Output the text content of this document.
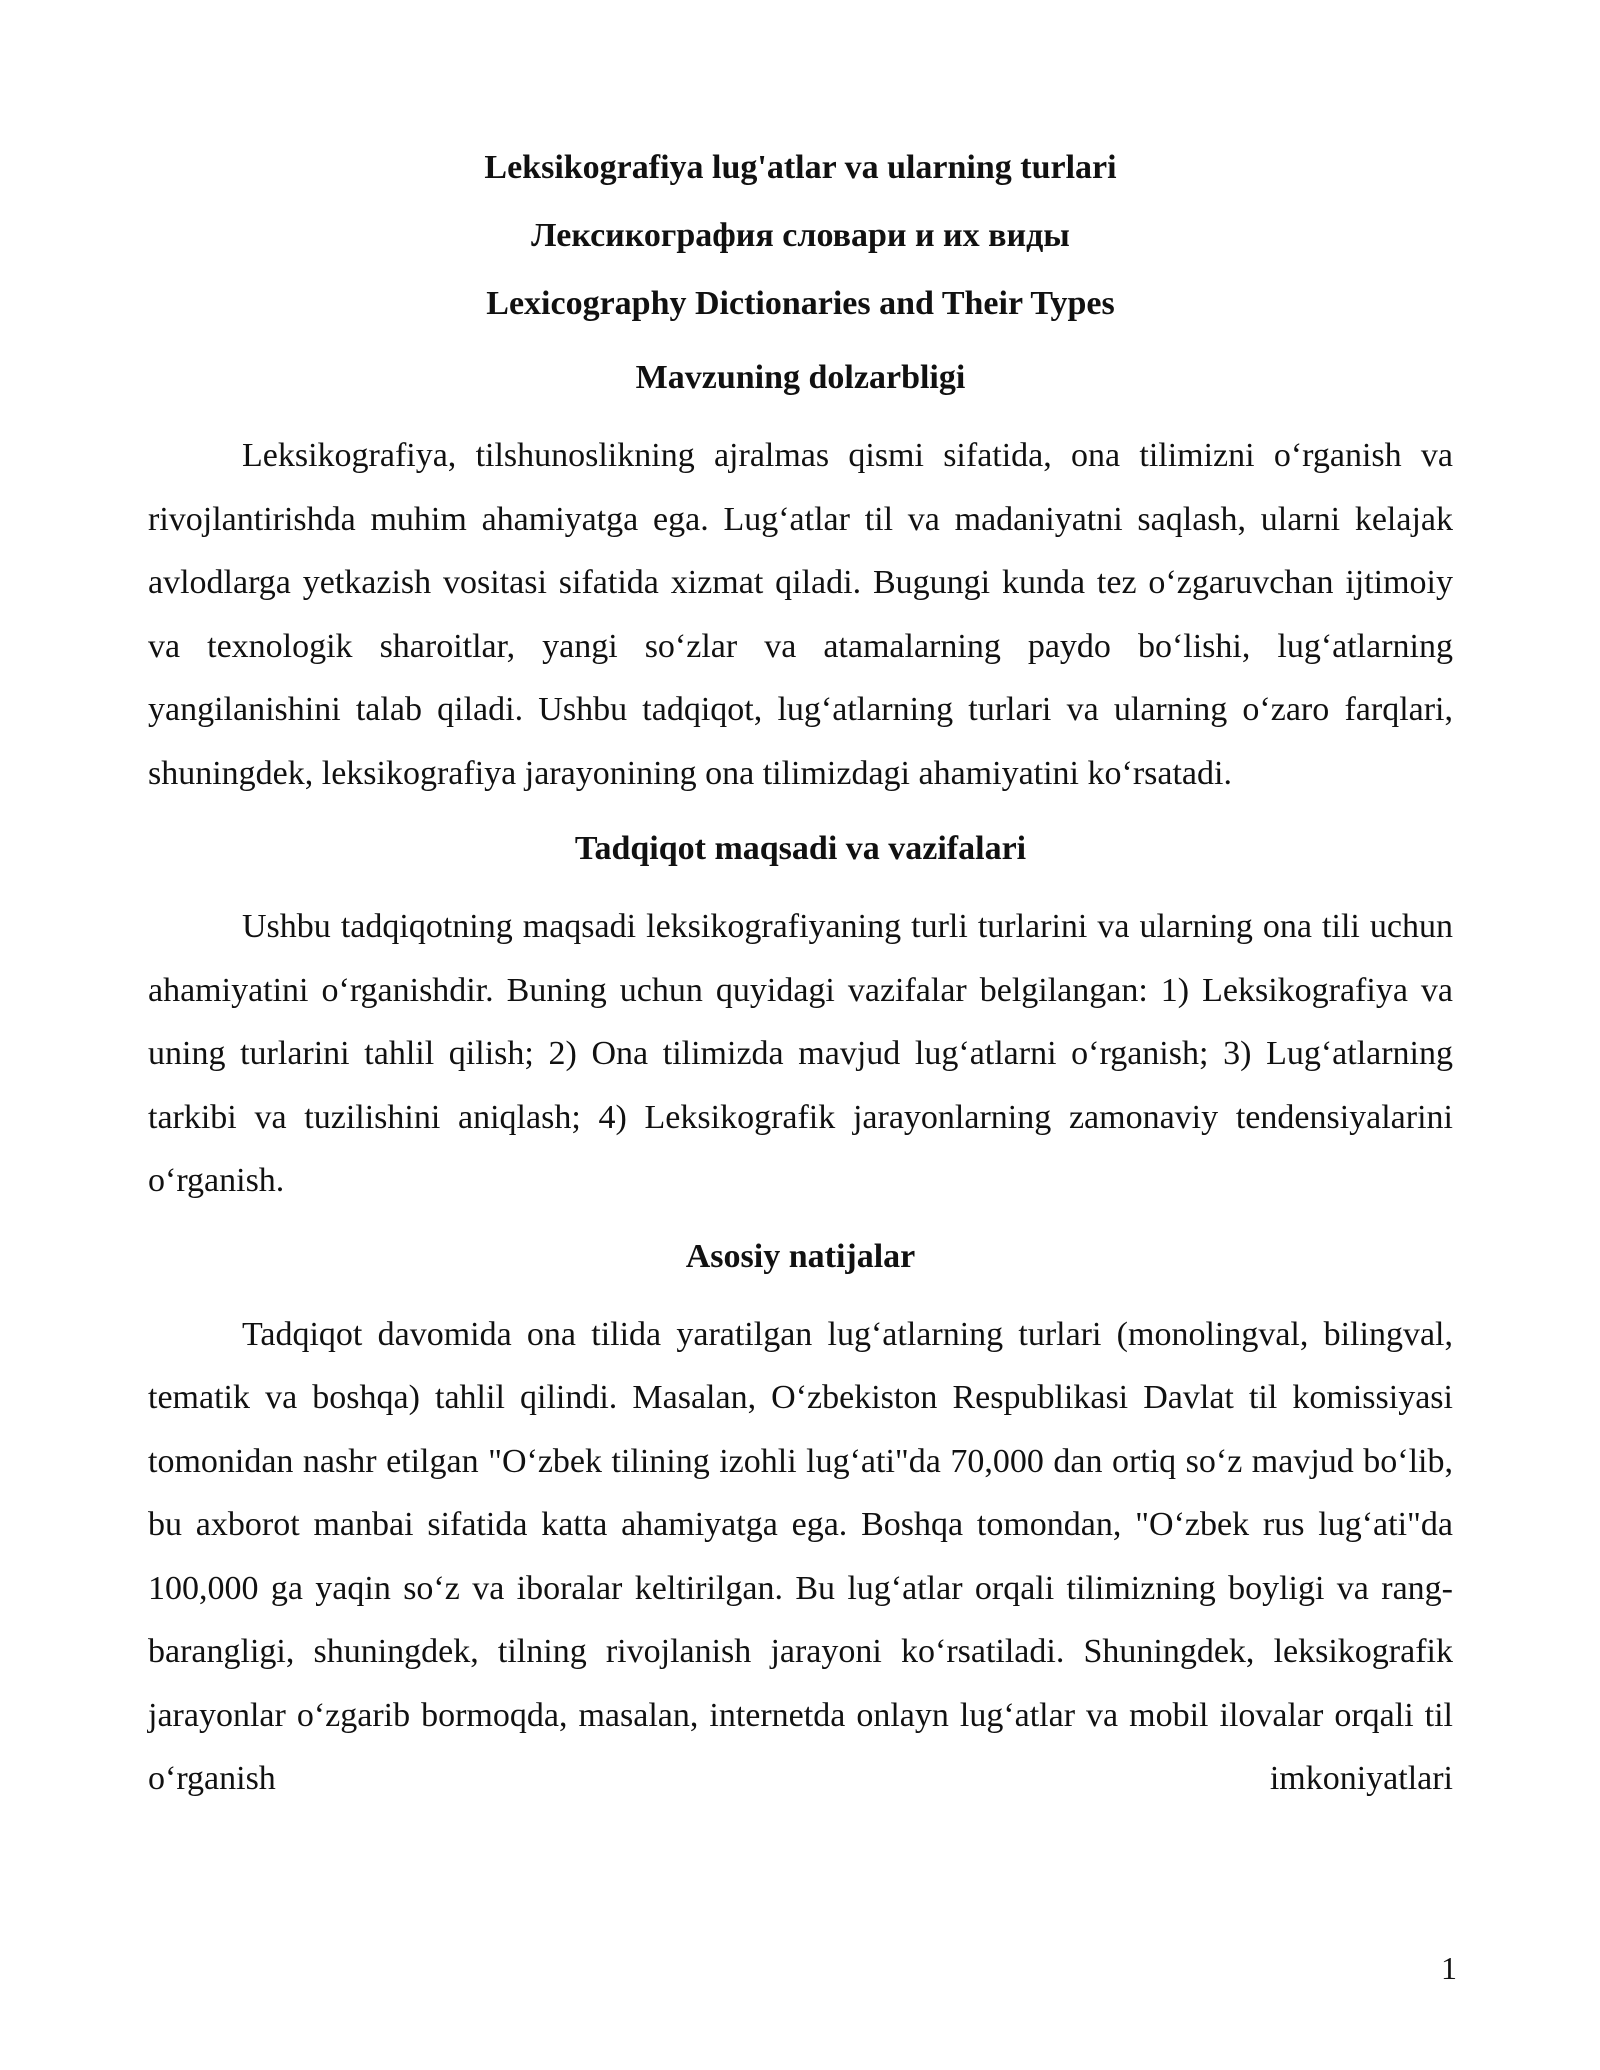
Leksikografiya lug'atlar va ularning turlari
Лексикография словари и их виды
Lexicography Dictionaries and Their Types
Mavzuning dolzarbligi

Leksikografiya, tilshunoslikning ajralmas qismi sifatida, ona tilimizni oʻrganish va rivojlantirishda muhim ahamiyatga ega. Lugʻatlar til va madaniyatni saqlash, ularni kelajak avlodlarga yetkazish vositasi sifatida xizmat qiladi. Bugungi kunda tez oʻzgaruvchan ijtimoiy va texnologik sharoitlar, yangi soʻzlar va atamalarning paydo boʻlishi, lugʻatlarning yangilanishini talab qiladi. Ushbu tadqiqot, lugʻatlarning turlari va ularning oʻzaro farqlari, shuningdek, leksikografiya jarayonining ona tilimizdagi ahamiyatini koʻrsatadi.

Tadqiqot maqsadi va vazifalari

Ushbu tadqiqotning maqsadi leksikografiyaning turli turlarini va ularning ona tili uchun ahamiyatini oʻrganishdir. Buning uchun quyidagi vazifalar belgilangan: 1) Leksikografiya va uning turlarini tahlil qilish; 2) Ona tilimizda mavjud lugʻatlarni oʻrganish; 3) Lugʻatlarning tarkibi va tuzilishini aniqlash; 4) Leksikografik jarayonlarning zamonaviy tendensiyalarini oʻrganish.

Asosiy natijalar

Tadqiqot davomida ona tilida yaratilgan lugʻatlarning turlari (monolingval, bilingval, tematik va boshqa) tahlil qilindi. Masalan, Oʻzbekiston Respublikasi Davlat til komissiyasi tomonidan nashr etilgan "Oʻzbek tilining izohli lugʻati"da 70,000 dan ortiq soʻz mavjud boʻlib, bu axborot manbai sifatida katta ahamiyatga ega. Boshqa tomondan, "Oʻzbek rus lugʻati"da 100,000 ga yaqin soʻz va iboralar keltirilgan. Bu lugʻatlar orqali tilimizning boyligi va rang-barangligi, shuningdek, tilning rivojlanish jarayoni koʻrsatiladi. Shuningdek, leksikografik jarayonlar oʻzgarib bormoqda, masalan, internetda onlayn lugʻatlar va mobil ilovalar orqali til oʻrganish imkoniyatlari

1
